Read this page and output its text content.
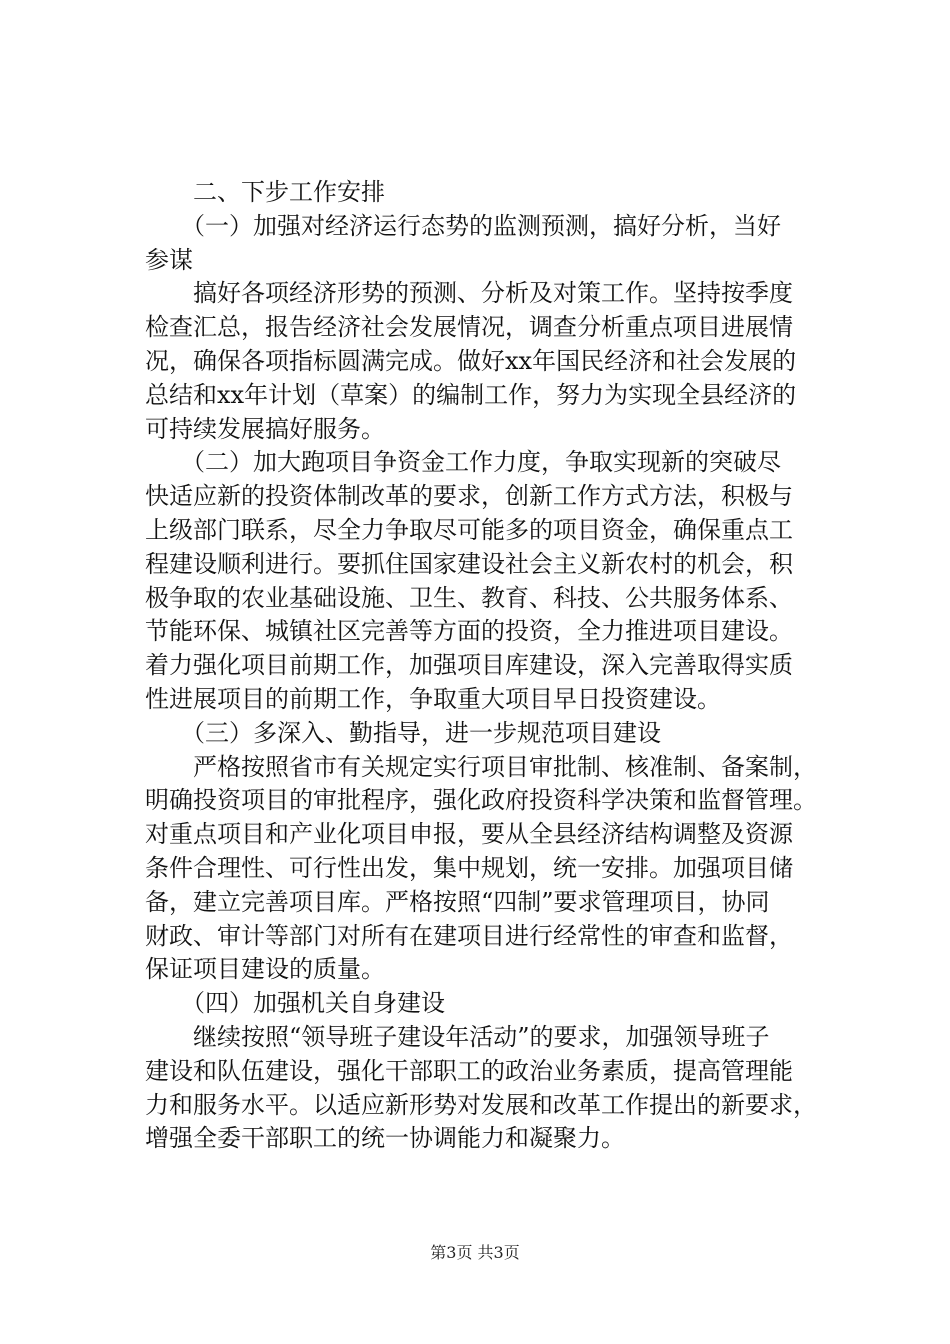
二、下步工作安排
（一）加强对经济运行态势的监测预测，搞好分析，当好
参谋
搞好各项经济形势的预测、分析及对策工作。坚持按季度
检查汇总，报告经济社会发展情况，调查分析重点项目进展情
况，确保各项指标圆满完成。做好xx年国民经济和社会发展的
总结和xx年计划（草案）的编制工作，努力为实现全县经济的
可持续发展搞好服务。
（二）加大跑项目争资金工作力度，争取实现新的突破尽
快适应新的投资体制改革的要求，创新工作方式方法，积极与
上级部门联系，尽全力争取尽可能多的项目资金，确保重点工
程建设顺利进行。要抓住国家建设社会主义新农村的机会，积
极争取的农业基础设施、卫生、教育、科技、公共服务体系、
节能环保、城镇社区完善等方面的投资，全力推进项目建设。
着力强化项目前期工作，加强项目库建设，深入完善取得实质
性进展项目的前期工作，争取重大项目早日投资建设。
（三）多深入、勤指导，进一步规范项目建设
严格按照省市有关规定实行项目审批制、核准制、备案制，
明确投资项目的审批程序，强化政府投资科学决策和监督管理。
对重点项目和产业化项目申报，要从全县经济结构调整及资源
条件合理性、可行性出发，集中规划，统一安排。加强项目储
备，建立完善项目库。严格按照“四制”要求管理项目，协同
财政、审计等部门对所有在建项目进行经常性的审查和监督，
保证项目建设的质量。
（四）加强机关自身建设
继续按照“领导班子建设年活动”的要求，加强领导班子
建设和队伍建设，强化干部职工的政治业务素质，提高管理能
力和服务水平。以适应新形势对发展和改革工作提出的新要求，
增强全委干部职工的统一协调能力和凝聚力。
第3页 共3页
